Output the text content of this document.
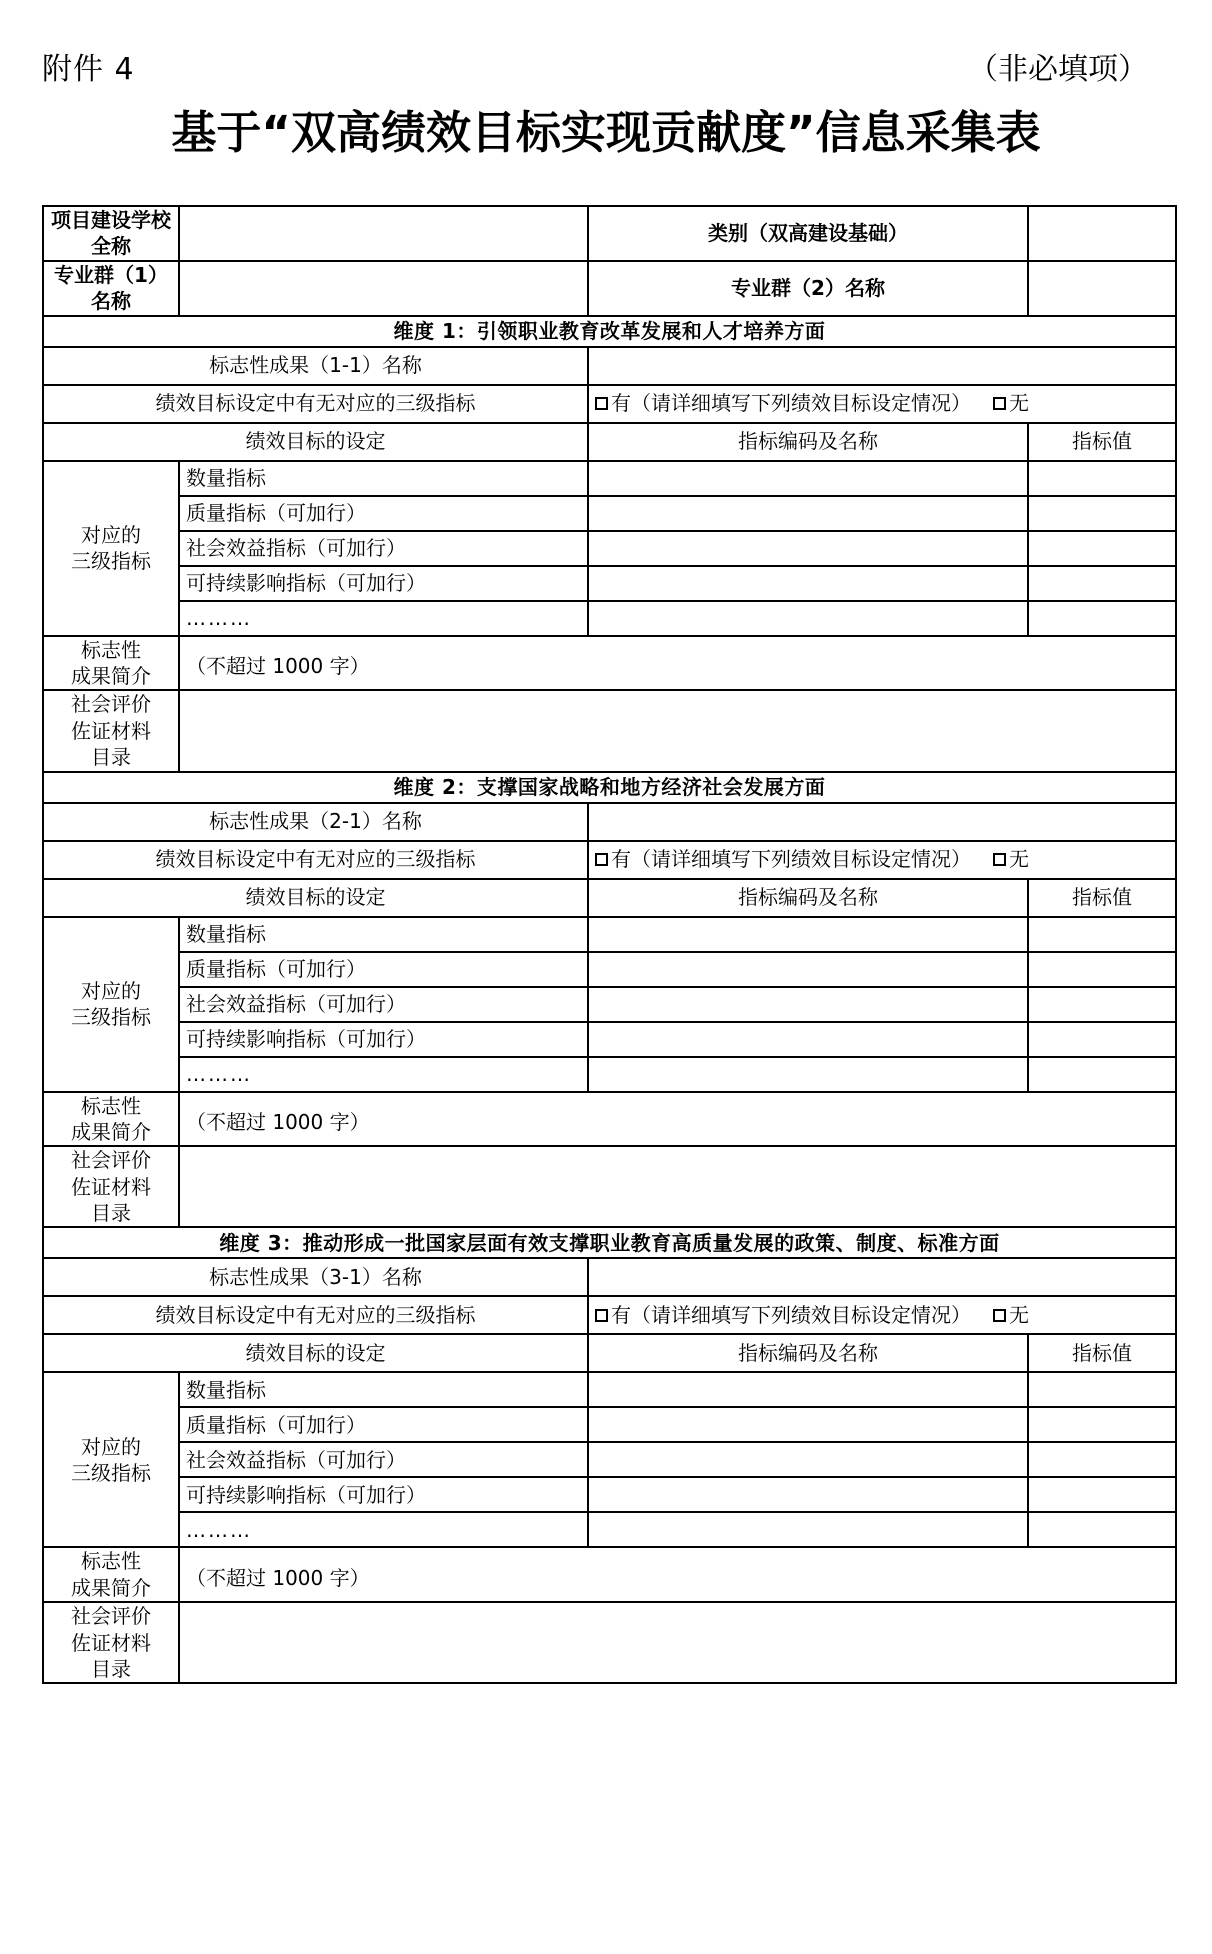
附件 4	（非必填项）
基于“双高绩效目标实现贡献度”信息采集表
项目建设学校全称		类别（双高建设基础）	
专业群（1）名称		专业群（2）名称	
维度 1：引领职业教育改革发展和人才培养方面			
标志性成果（1-1）名称			
绩效目标设定中有无对应的三级指标		有（请详细填写下列绩效目标设定情况） 无	
绩效目标的设定		指标编码及名称	指标值
对应的
三级指标	数量指标		
	质量指标（可加行）		
	社会效益指标（可加行）		
	可持续影响指标（可加行）		
	………		
标志性
成果简介	（不超过 1000 字）		

社会评价
佐证材料
目录			
维度 2：支撑国家战略和地方经济社会发展方面			
标志性成果（2-1）名称			
绩效目标设定中有无对应的三级指标		有（请详细填写下列绩效目标设定情况） 无	
绩效目标的设定		指标编码及名称	指标值
对应的
三级指标	数量指标		
	质量指标（可加行）		
	社会效益指标（可加行）		
	可持续影响指标（可加行）		
	………		
标志性
成果简介	（不超过 1000 字）		

社会评价
佐证材料
目录			
维度 3：推动形成一批国家层面有效支撑职业教育高质量发展的政策、制度、标准方面			
标志性成果（3-1）名称			
绩效目标设定中有无对应的三级指标		有（请详细填写下列绩效目标设定情况） 无	
绩效目标的设定		指标编码及名称	指标值
对应的
三级指标	数量指标		
	质量指标（可加行）		
	社会效益指标（可加行）		
	可持续影响指标（可加行）		
	………		
标志性
成果简介	（不超过 1000 字）		

社会评价
佐证材料
目录			
